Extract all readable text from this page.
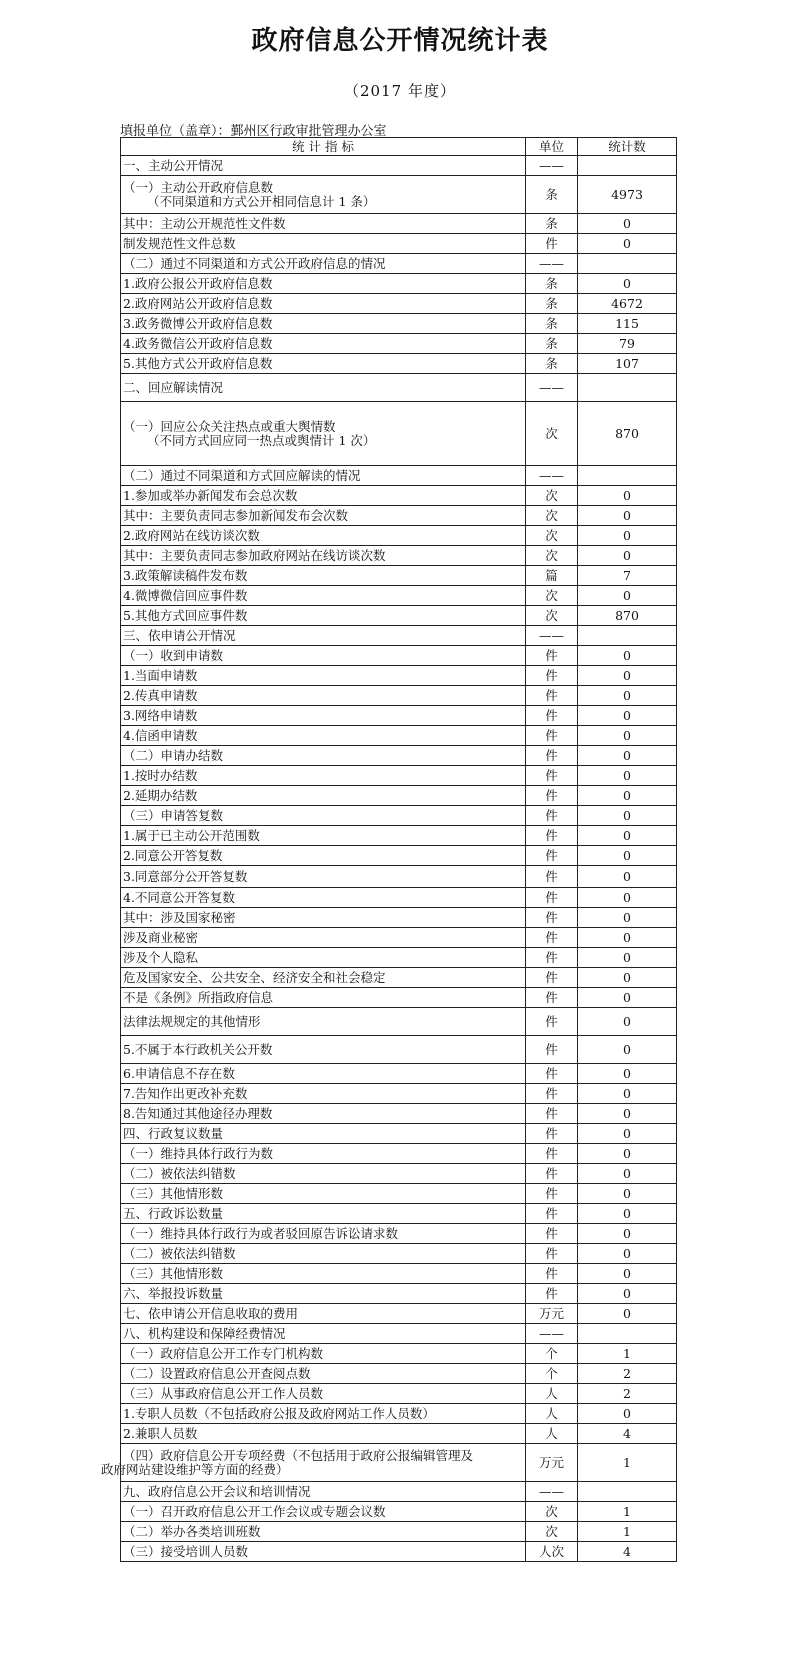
政府信息公开情况统计表
（2017 年度）
填报单位（盖章）：鄞州区行政审批管理办公室
统 计 指 标	单位	统计数

一、主动公开情况	——	

（一）主动公开政府信息数
（不同渠道和方式公开相同信息计 1 条）	条	4973

其中：主动公开规范性文件数	条	0

制发规范性文件总数	件	0

（二）通过不同渠道和方式公开政府信息的情况	——	

1.政府公报公开政府信息数	条	0

2.政府网站公开政府信息数	条	4672

3.政务微博公开政府信息数	条	115

4.政务微信公开政府信息数	条	79

5.其他方式公开政府信息数	条	107

二、回应解读情况	——	

（一）回应公众关注热点或重大舆情数
（不同方式回应同一热点或舆情计 1 次）	次	870

（二）通过不同渠道和方式回应解读的情况	——	

1.参加或举办新闻发布会总次数	次	0

其中：主要负责同志参加新闻发布会次数	次	0

2.政府网站在线访谈次数	次	0

其中：主要负责同志参加政府网站在线访谈次数	次	0

3.政策解读稿件发布数	篇	7

4.微博微信回应事件数	次	0

5.其他方式回应事件数	次	870

三、依申请公开情况	——	

（一）收到申请数	件	0

1.当面申请数	件	0

2.传真申请数	件	0

3.网络申请数	件	0

4.信函申请数	件	0

（二）申请办结数	件	0

1.按时办结数	件	0

2.延期办结数	件	0

（三）申请答复数	件	0

1.属于已主动公开范围数	件	0

2.同意公开答复数	件	0

3.同意部分公开答复数	件	0

4.不同意公开答复数	件	0

其中：涉及国家秘密	件	0

涉及商业秘密	件	0

涉及个人隐私	件	0

危及国家安全、公共安全、经济安全和社会稳定	件	0

不是《条例》所指政府信息	件	0

法律法规规定的其他情形	件	0

5.不属于本行政机关公开数	件	0

6.申请信息不存在数	件	0

7.告知作出更改补充数	件	0

8.告知通过其他途径办理数	件	0

四、行政复议数量	件	0

（一）维持具体行政行为数	件	0

（二）被依法纠错数	件	0

（三）其他情形数	件	0

五、行政诉讼数量	件	0

（一）维持具体行政行为或者驳回原告诉讼请求数	件	0

（二）被依法纠错数	件	0

（三）其他情形数	件	0

六、举报投诉数量	件	0

七、依申请公开信息收取的费用	万元	0

八、机构建设和保障经费情况	——	

（一）政府信息公开工作专门机构数	个	1

（二）设置政府信息公开查阅点数	个	2

（三）从事政府信息公开工作人员数	人	2

1.专职人员数（不包括政府公报及政府网站工作人员数）	人	0

2.兼职人员数	人	4

（四）政府信息公开专项经费（不包括用于政府公报编辑管理及
政府网站建设维护等方面的经费）	万元	1

九、政府信息公开会议和培训情况	——	

（一）召开政府信息公开工作会议或专题会议数	次	1

（二）举办各类培训班数	次	1

（三）接受培训人员数	人次	4
